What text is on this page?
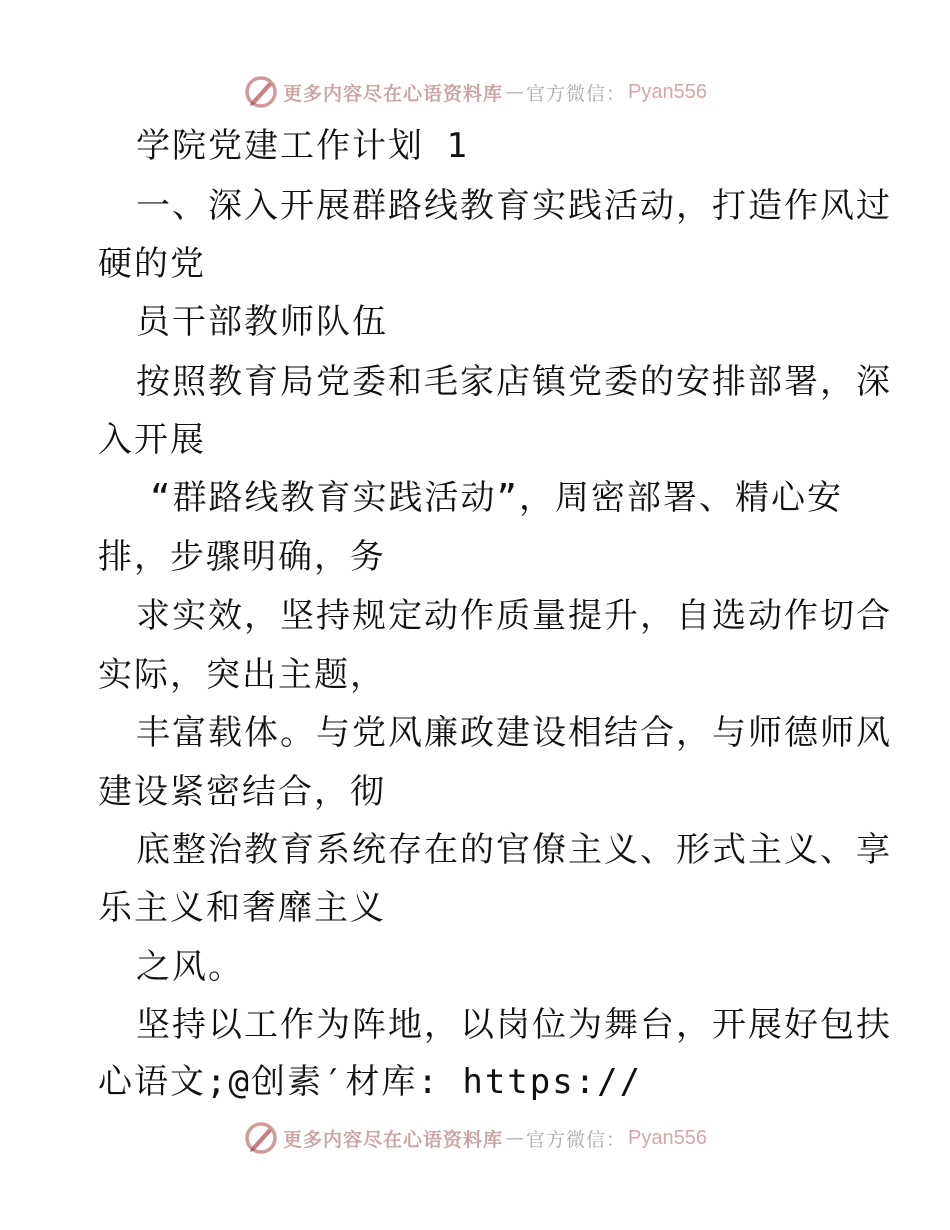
更多内容尽在心语资料库 — 官方微信： Pyan556
学院党建工作计划 1
一、深入开展群路线教育实践活动，打造作风过
硬的党
员干部教师队伍
按照教育局党委和毛家店镇党委的安排部署，深
入开展
“群路线教育实践活动”，周密部署、精心安
排，步骤明确，务
求实效，坚持规定动作质量提升，自选动作切合
实际，突出主题，
丰富载体。与党风廉政建设相结合，与师德师风
建设紧密结合，彻
底整治教育系统存在的官僚主义、形式主义、享
乐主义和奢靡主义
之风。
坚持以工作为阵地，以岗位为舞台，开展好包扶
心语文;@创素′材库: https://
更多内容尽在心语资料库 — 官方微信： Pyan556
